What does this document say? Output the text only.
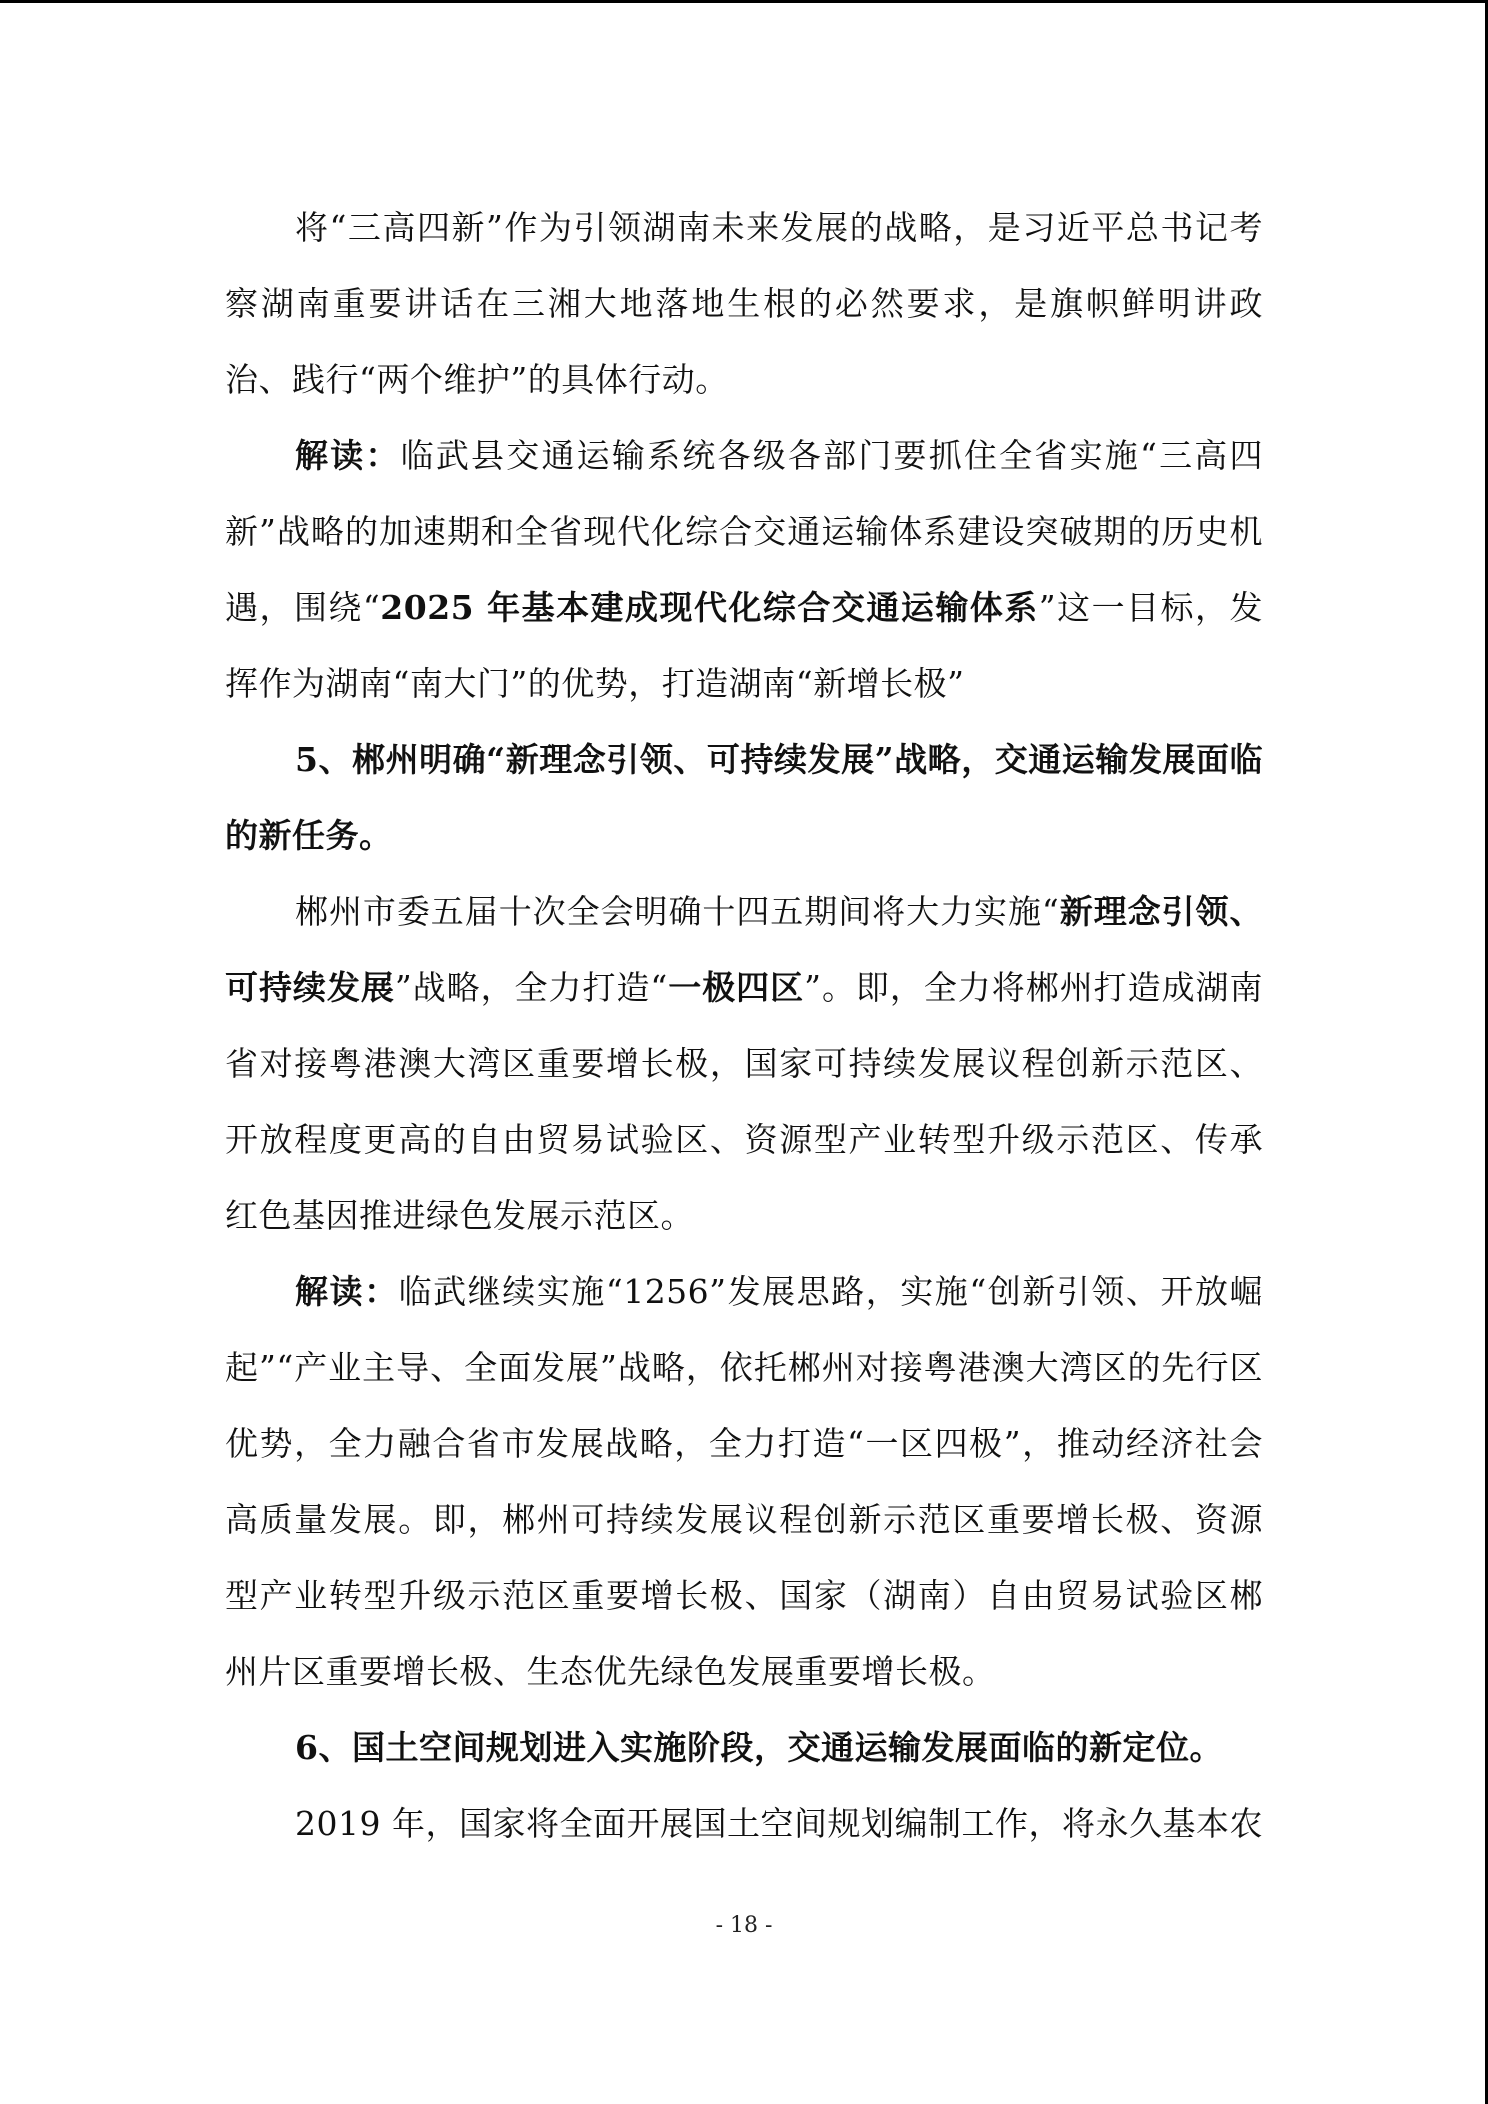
将“三高四新”作为引领湖南未来发展的战略，是习近平总书记考察湖南重要讲话在三湘大地落地生根的必然要求，是旗帜鲜明讲政治、践行“两个维护”的具体行动。

解读：临武县交通运输系统各级各部门要抓住全省实施“三高四新”战略的加速期和全省现代化综合交通运输体系建设突破期的历史机遇，围绕“2025 年基本建成现代化综合交通运输体系”这一目标，发挥作为湖南“南大门”的优势，打造湖南“新增长极”

5、郴州明确“新理念引领、可持续发展”战略，交通运输发展面临的新任务。

郴州市委五届十次全会明确十四五期间将大力实施“新理念引领、可持续发展”战略，全力打造“一极四区”。即，全力将郴州打造成湖南省对接粤港澳大湾区重要增长极，国家可持续发展议程创新示范区、开放程度更高的自由贸易试验区、资源型产业转型升级示范区、传承红色基因推进绿色发展示范区。

解读：临武继续实施“1256”发展思路，实施“创新引领、开放崛起”“产业主导、全面发展”战略，依托郴州对接粤港澳大湾区的先行区优势，全力融合省市发展战略，全力打造“一区四极”，推动经济社会高质量发展。即，郴州可持续发展议程创新示范区重要增长极、资源型产业转型升级示范区重要增长极、国家（湖南）自由贸易试验区郴州片区重要增长极、生态优先绿色发展重要增长极。

6、国土空间规划进入实施阶段，交通运输发展面临的新定位。

2019 年，国家将全面开展国土空间规划编制工作，将永久基本农

- 18 -
